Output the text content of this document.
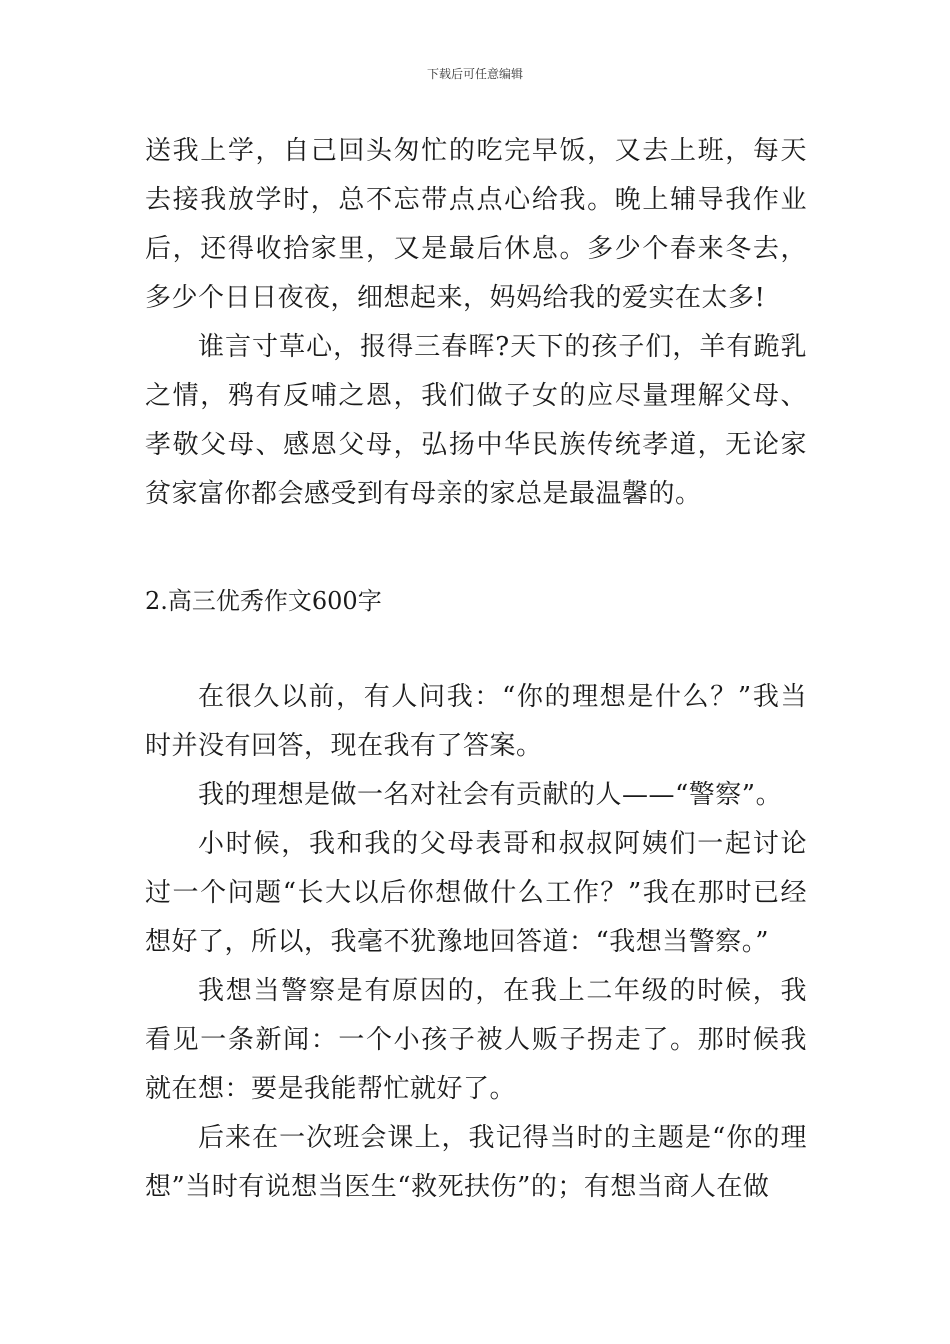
下载后可任意编辑

送我上学，自己回头匆忙的吃完早饭，又去上班，每天去接我放学时，总不忘带点点心给我。晚上辅导我作业后，还得收拾家里，又是最后休息。多少个春来冬去，多少个日日夜夜，细想起来，妈妈给我的爱实在太多!

谁言寸草心，报得三春晖?天下的孩子们，羊有跪乳之情，鸦有反哺之恩，我们做子女的应尽量理解父母、孝敬父母、感恩父母，弘扬中华民族传统孝道，无论家贫家富你都会感受到有母亲的家总是最温馨的。

2.高三优秀作文600字

在很久以前，有人问我：“你的理想是什么？”我当时并没有回答，现在我有了答案。

我的理想是做一名对社会有贡献的人——“警察”。

小时候，我和我的父母表哥和叔叔阿姨们一起讨论过一个问题“长大以后你想做什么工作？”我在那时已经想好了，所以，我毫不犹豫地回答道：“我想当警察。”

我想当警察是有原因的，在我上二年级的时候，我看见一条新闻：一个小孩子被人贩子拐走了。那时候我就在想：要是我能帮忙就好了。

后来在一次班会课上，我记得当时的主题是“你的理想”当时有说想当医生“救死扶伤”的；有想当商人在做
